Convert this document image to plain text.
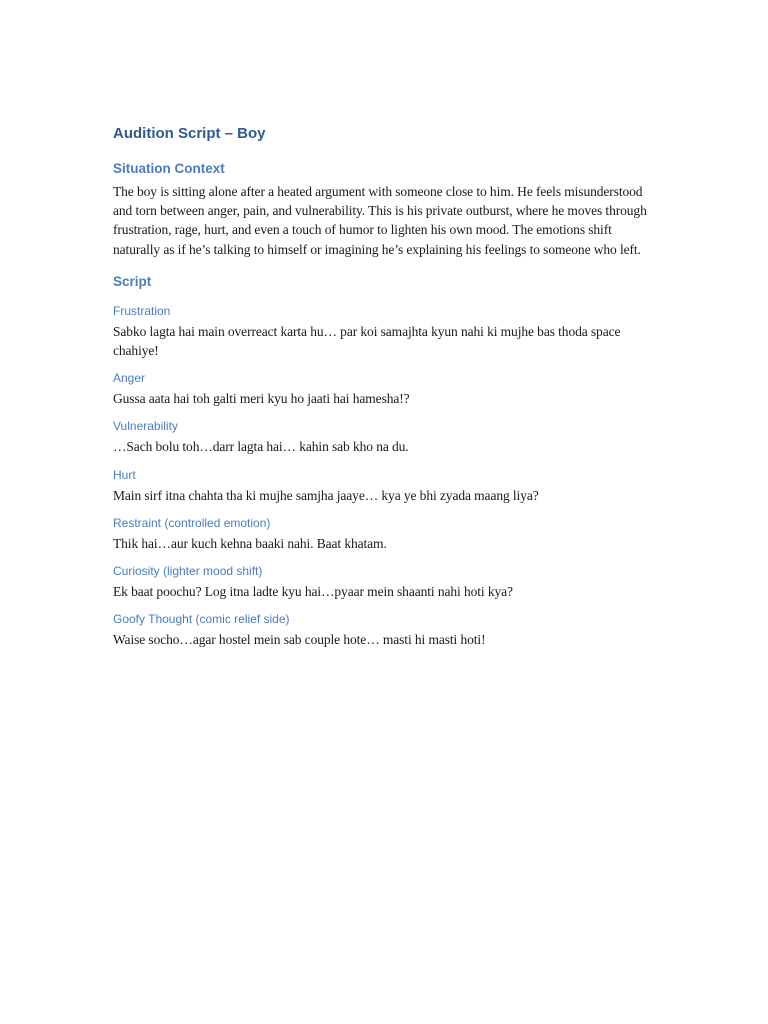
Audition Script – Boy
Situation Context

The boy is sitting alone after a heated argument with someone close to him. He feels misunderstood and torn between anger, pain, and vulnerability. This is his private outburst, where he moves through frustration, rage, hurt, and even a touch of humor to lighten his own mood. The emotions shift naturally as if he’s talking to himself or imagining he’s explaining his feelings to someone who left.

Script
Frustration

Sabko lagta hai main overreact karta hu… par koi samajhta kyun nahi ki mujhe bas thoda space chahiye!

Anger

Gussa aata hai toh galti meri kyu ho jaati hai hamesha!?

Vulnerability

…Sach bolu toh…darr lagta hai… kahin sab kho na du.

Hurt

Main sirf itna chahta tha ki mujhe samjha jaaye… kya ye bhi zyada maang liya?

Restraint (controlled emotion)

Thik hai…aur kuch kehna baaki nahi. Baat khatam.

Curiosity (lighter mood shift)

Ek baat poochu? Log itna ladte kyu hai…pyaar mein shaanti nahi hoti kya?

Goofy Thought (comic relief side)

Waise socho…agar hostel mein sab couple hote… masti hi masti hoti!
